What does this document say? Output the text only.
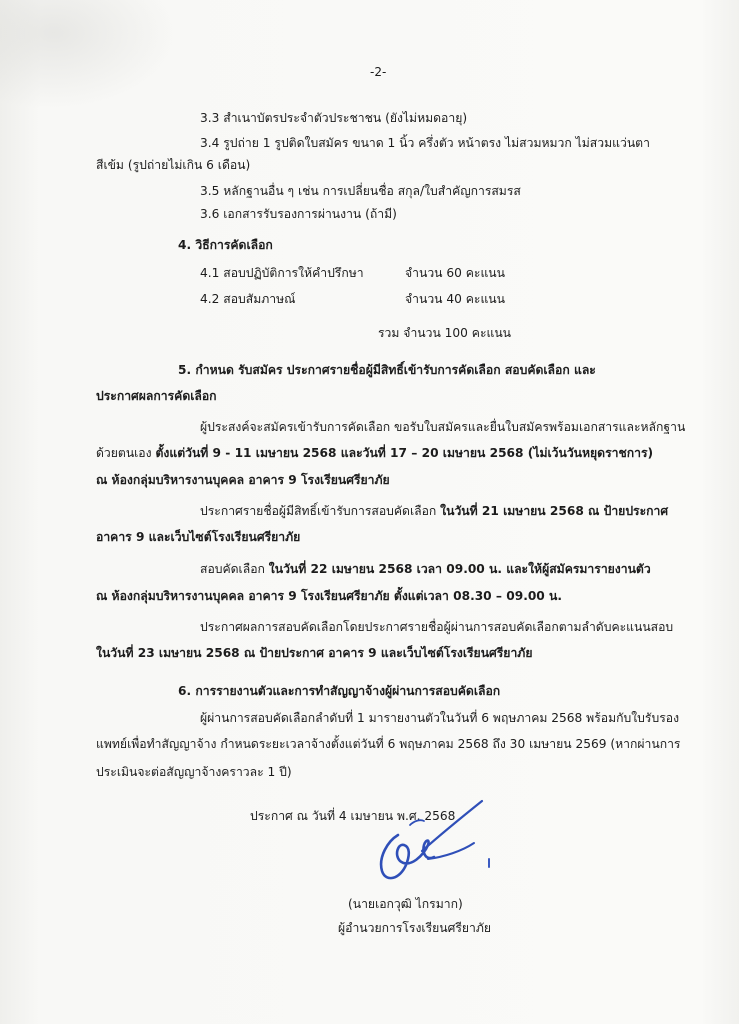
-2-
3.3 สำเนาบัตรประจำตัวประชาชน (ยังไม่หมดอายุ)
3.4 รูปถ่าย 1 รูปติดใบสมัคร ขนาด 1 นิ้ว ครึ่งตัว หน้าตรง ไม่สวมหมวก ไม่สวมแว่นตา
สีเข้ม (รูปถ่ายไม่เกิน 6 เดือน)
3.5 หลักฐานอื่น ๆ เช่น การเปลี่ยนชื่อ สกุล/ใบสำคัญการสมรส
3.6 เอกสารรับรองการผ่านงาน (ถ้ามี)
4. วิธีการคัดเลือก
4.1 สอบปฏิบัติการให้คำปรึกษา	จำนวน 60 คะแนน
4.2 สอบสัมภาษณ์	จำนวน 40 คะแนน
รวม จำนวน 100 คะแนน
5. กำหนด รับสมัคร ประกาศรายชื่อผู้มีสิทธิ์เข้ารับการคัดเลือก สอบคัดเลือก และ
ประกาศผลการคัดเลือก
ผู้ประสงค์จะสมัครเข้ารับการคัดเลือก ขอรับใบสมัครและยื่นใบสมัครพร้อมเอกสารและหลักฐาน
ด้วยตนเอง ตั้งแต่วันที่ 9 - 11 เมษายน 2568 และวันที่ 17 – 20 เมษายน 2568 (ไม่เว้นวันหยุดราชการ)
ณ ห้องกลุ่มบริหารงานบุคคล อาคาร 9 โรงเรียนศรียาภัย
ประกาศรายชื่อผู้มีสิทธิ์เข้ารับการสอบคัดเลือก ในวันที่ 21 เมษายน 2568 ณ ป้ายประกาศ
อาคาร 9 และเว็บไซต์โรงเรียนศรียาภัย
สอบคัดเลือก ในวันที่ 22 เมษายน 2568 เวลา 09.00 น. และให้ผู้สมัครมารายงานตัว
ณ ห้องกลุ่มบริหารงานบุคคล อาคาร 9 โรงเรียนศรียาภัย ตั้งแต่เวลา 08.30 – 09.00 น.
ประกาศผลการสอบคัดเลือกโดยประกาศรายชื่อผู้ผ่านการสอบคัดเลือกตามลำดับคะแนนสอบ
ในวันที่ 23 เมษายน 2568 ณ ป้ายประกาศ อาคาร 9 และเว็บไซต์โรงเรียนศรียาภัย
6. การรายงานตัวและการทำสัญญาจ้างผู้ผ่านการสอบคัดเลือก
ผู้ผ่านการสอบคัดเลือกลำดับที่ 1 มารายงานตัวในวันที่ 6 พฤษภาคม 2568 พร้อมกับใบรับรอง
แพทย์เพื่อทำสัญญาจ้าง กำหนดระยะเวลาจ้างตั้งแต่วันที่ 6 พฤษภาคม 2568 ถึง 30 เมษายน 2569 (หากผ่านการ
ประเมินจะต่อสัญญาจ้างคราวละ 1 ปี)
ประกาศ ณ วันที่ 4 เมษายน พ.ศ. 2568
(นายเอกวุฒิ ไกรมาก)
ผู้อำนวยการโรงเรียนศรียาภัย
